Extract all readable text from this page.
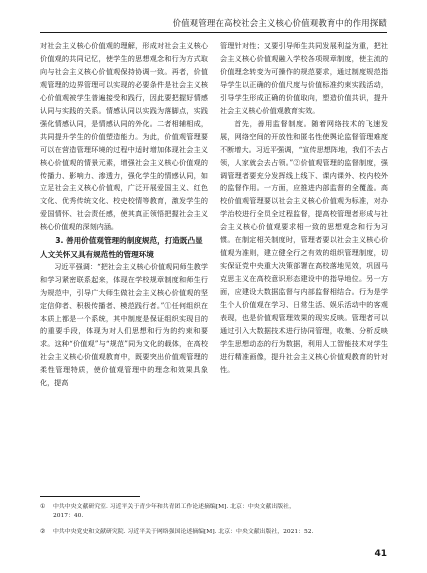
价值观管理在高校社会主义核心价值观教育中的作用探赜

对社会主义核心价值观的理解，形成对社会主义核心价值观的共同记忆，使学生的思想观念和行为方式取向与社会主义核心价值观保持协调一致。再者，价值观管理的边界管理可以实现的必要条件是社会主义核心价值观被学生普遍接受和践行，因此要把握好情感认同与实践的关系。情感认同以实践为落脚点，实践强化情感认同，是情感认同的外化。二者相辅相成，共同提升学生的价值塑造能力。为此，价值观管理要可以在营造管理环境的过程中适时增加体现社会主义核心价值观的情景元素，增强社会主义核心价值观的传播力、影响力、渗透力，强化学生的情感认同，如立足社会主义核心价值观，广泛开展爱国主义、红色文化、优秀传统文化、校史校情等教育，激发学生的爱国情怀、社会责任感，使其真正领悟把握社会主义核心价值观的深刻内涵。

3. 善用价值观管理的制度规范，打造既凸显人文关怀又具有规范性的管理环境

习近平强调：“把社会主义核心价值观同师生教学和学习紧密联系起来，体现在学校规章制度和师生行为规范中，引导广大师生做社会主义核心价值观的坚定信仰者、积极传播者、模范践行者。”①任何组织在本质上都是一个系统，其中制度是保证组织实现目的的重要手段，体现为对人们思想和行为的约束和要求。这种“价值观”与“规范”同为文化的载体，在高校社会主义核心价值观教育中，既要突出价值观管理的柔性管理特质，使价值观管理中的理念和效果具象化，提高

管理针对性；又要引导师生共同发展利益为重，把社会主义核心价值观融入学校各项规章制度，使主流的价值理念转变为可操作的规范要求，通过制度规范指导学生以正确的价值尺度与价值标准约束实践活动，引导学生形成正确的价值取向，塑造价值共识，提升社会主义核心价值观教育实效。

首先，善用监督制度。随着网络技术的飞速发展，网络空间的开放性和匿名性使舆论监督管理难度不断增大。习近平强调，“宣传思想阵地，我们不去占领，人家就会去占领。”②价值观管理的监督制度，强调管理者要充分发挥线上线下、课内课外、校内校外的监督作用。一方面，应推进内部监督的全覆盖。高校价值观管理要以社会主义核心价值观为标准，对办学治校进行全员全过程监督，提高校管理者形成与社会主义核心价值观要求相一致的思想观念和行为习惯。在制定相关制度时，管理者要以社会主义核心价值观为准则，建立健全行之有效的组织管理制度，切实保证党中央重大决策部署在高校落地见效，巩固马克思主义在高校意识形态建设中的指导地位。另一方面，应建设大数据监督与内部监督相结合。行为是学生个人价值观在学习、日常生活、娱乐活动中的客观表现，也是价值观管理效果的现实反映。管理者可以通过引入大数据技术进行协同管理，收集、分析反映学生思想动态的行为数据，利用人工智能技术对学生进行精准画像，提升社会主义核心价值观教育的针对性。

① 中共中央文献研究室. 习近平关于青少年和共青团工作论述摘编[M]. 北京：中央文献出版社，
2017：40.
② 中共中央党史和文献研究院. 习近平关于网络强国论述摘编[M]. 北京：中央文献出版社，2021：52.
41
